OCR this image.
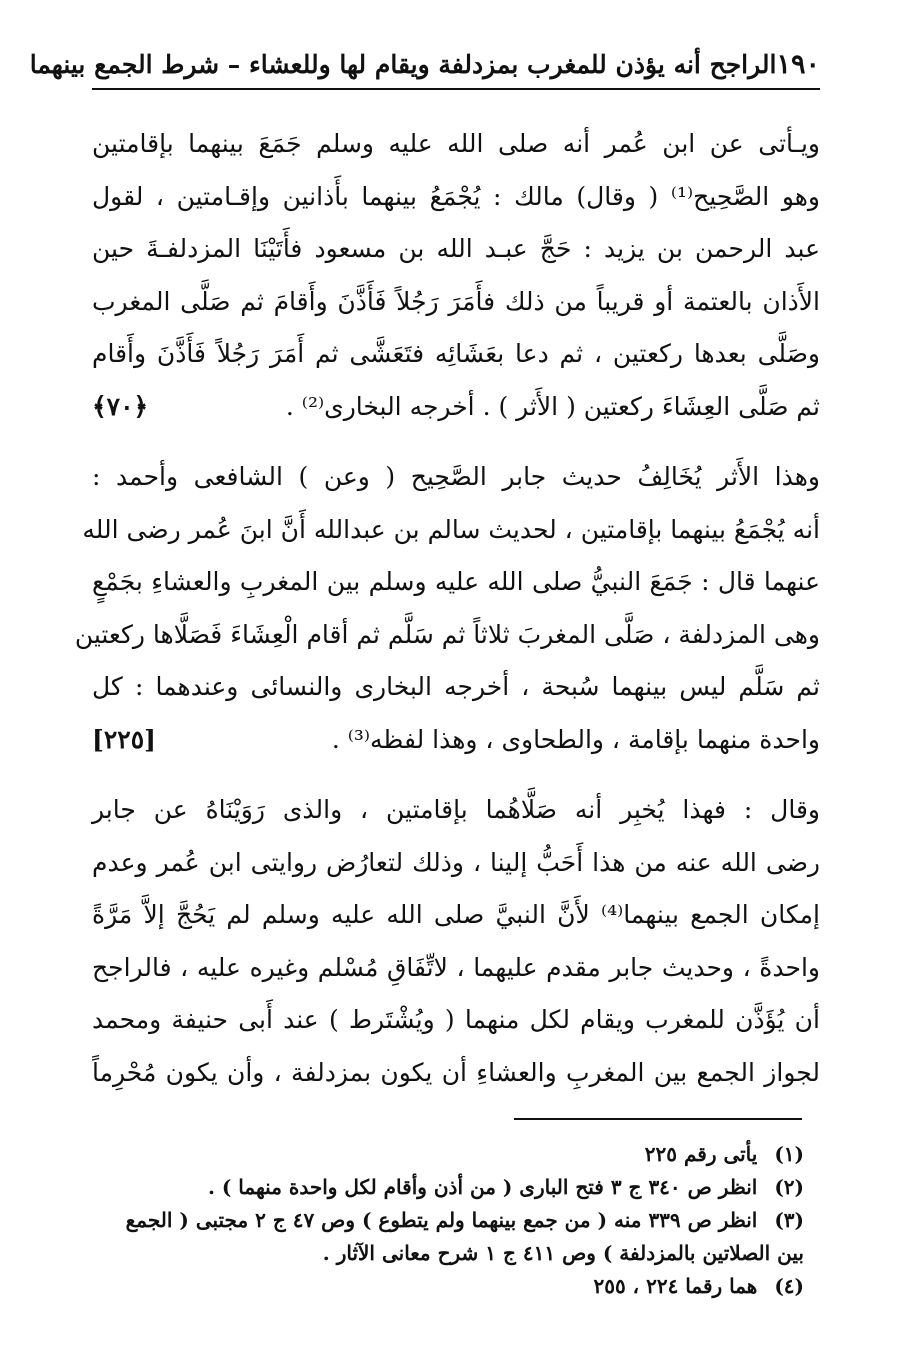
١٩٠
الراجح أنه يؤذن للمغرب بمزدلفة ويقام لها وللعشاء – شرط الجمع بينهما
ويـأتى عن ابن عُمر أنه صلى الله عليه وسلم جَمَعَ بينهما بإقامتين
وهو الصَّحِيح⁽¹⁾ ( وقال) مالك : يُجْمَعُ بينهما بأَذانين وإقـامتين ، لقول
عبد الرحمن بن يزيد : حَجَّ عبـد الله بن مسعود فأَتَيْنَا المزدلفـةَ حين
الأَذان بالعتمة أو قريباً من ذلك فأَمَرَ رَجُلاً فَأَذَّنَ وأَقامَ ثم صَلَّى المغرب
وصَلَّى بعدها ركعتين ، ثم دعا بعَشَائِه فتَعَشَّى ثم أَمَرَ رَجُلاً فَأَذَّنَ وأَقام
ثم صَلَّى العِشَاءَ ركعتين ( الأَثر ) . أخرجه البخارى⁽²⁾ .
﴿٧٠﴾
وهذا الأَثر يُخَالِفُ حديث جابر الصَّحِيح ( وعن ) الشافعى وأحمد :
أنه يُجْمَعُ بينهما بإقامتين ، لحديث سالم بن عبدالله أَنَّ ابنَ عُمر رضى الله
عنهما قال : جَمَعَ النبيُّ صلى الله عليه وسلم بين المغربِ والعشاءِ بجَمْعٍ
وهى المزدلفة ، صَلَّى المغربَ ثلاثاً ثم سَلَّم ثم أقام الْعِشَاءَ فَصَلَّاها ركعتين
ثم سَلَّم ليس بينهما سُبحة ، أخرجه البخارى والنسائى وعندهما : كل
واحدة منهما بإقامة ، والطحاوى ، وهذا لفظه⁽³⁾ .
[٢٢٥]
وقال : فهذا يُخبِر أنه صَلَّاهُما بإقامتين ، والذى رَوَيْنَاهُ عن جابر
رضى الله عنه من هذا أَحَبُّ إلينا ، وذلك لتعارُض روايتى ابن عُمر وعدم
إمكان الجمع بينهما⁽⁴⁾ لأَنَّ النبيَّ صلى الله عليه وسلم لم يَحُجَّ إلاَّ مَرَّةً
واحدةً ، وحديث جابر مقدم عليهما ، لاتِّفَاقِ مُسْلم وغيره عليه ، فالراجح
أن يُؤَذَّن للمغرب ويقام لكل منهما ( ويُشْتَرط ) عند أَبى حنيفة ومحمد
لجواز الجمع بين المغربِ والعشاءِ أن يكون بمزدلفة ، وأن يكون مُحْرِماً
(١) يأتى رقم ٢٢٥
(٢) انظر ص ٣٤٠ ج ٣ فتح البارى ( من أذن وأقام لكل واحدة منهما ) .
(٣) انظر ص ٣٣٩ منه ( من جمع بينهما ولم يتطوع ) وص ٤٧ ج ٢ مجتبى ( الجمع
بين الصلاتين بالمزدلفة ) وص ٤١١ ج ١ شرح معانى الآثار .
(٤) هما رقما ٢٢٤ ، ٢٥٥
